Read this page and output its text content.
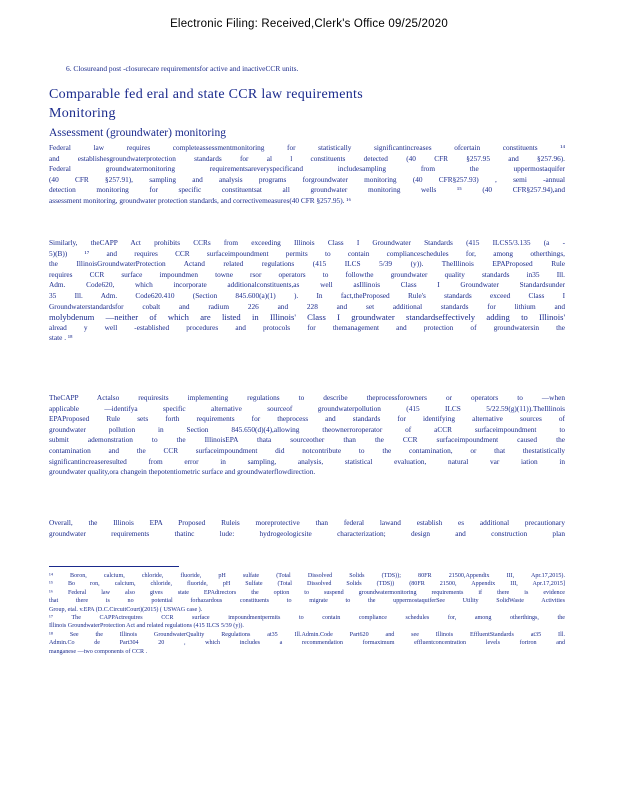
Electronic Filing: Received,Clerk's Office 09/25/2020
6. Closureand post -closurecare requirementsfor active and inactiveCCR units.
Comparable fed eral and state CCR law requirements
Monitoring
Assessment (groundwater) monitoring

Federal law requires completeassessmentmonitoring for statistically significantincreases ofcertain constituents ¹⁴

and establishesgroundwaterprotection standards for al l constituents detected (40 CFR §257.95 and §257.96).

Federal groundwatermonitoring requirementsareveryspecificand includesampling from the uppermostaquifer

(40 CFR §257.91), sampling and analysis programs forgroundwater monitoring (40 CFR§257.93) , semi -annual

detection monitoring for specific constituentsat all groundwater monitoring wells ¹⁵ (40 CFR§257.94),and

assessment monitoring, groundwater protection standards, and correctivemeasures(40 CFR §257.95). ¹⁶

Similarly, theCAPP Act prohibits CCRs from exceeding Illinois Class I Groundwater Standards (415 ILCS5/3.135 (a -

5)(B)) ¹⁷ and requires CCR surfaceimpoundment permits to contain complianceschedules for, among otherthings,

the IllinoisGroundwaterProtection Actand related regulations (415 ILCS 5/39 (y)). TheIllinois EPAProposed Rule

requires CCR surface impoundmen towne rsor operators to followthe groundwater quality standards in35 Ill.

Adm. Code620, which incorporate additionalconstituents,as well asIllinois Class I Groundwater Standardsunder

35 Ill. Adm. Code620.410 (Section 845.600(a)(1) ). In fact,theProposed Rule's standards exceed Class I

Groundwaterstandardsfor cobalt and radium 226 and 228 and set additional standards for lithium and

molybdenum —neither of which are listed in Illinois' Class I groundwater standardseffectively adding to Illinois'

alread y well -established procedures and protocols for themanagement and protection of groundwatersin the

state . ¹⁸

TheCAPP Actalso requiresits implementing regulations to describe theprocessforowners or operators to —when

applicable —identifya specific alternative sourceof groundwaterpollution (415 ILCS 5/22.59(g)(11)).TheIllinois

EPAProposed Rule sets forth requirements for theprocess and standards for identifying alternative sources of

groundwater pollution in Section 845.650(d)(4),allowing theownerroroperator of aCCR surfaceimpoundment to

submit ademonstration to the IllinoisEPA thata sourceother than the CCR surfaceimpoundment caused the

contamination and the CCR surfaceimpoundment did notcontribute to the contamination, or that thestatistically

significantincreaseresulted from error in sampling, analysis, statistical evaluation, natural var iation in

groundwater quality,ora changein thepotentiometric surface and groundwaterflowdirection.

Overall, the Illinois EPA Proposed Ruleis moreprotective than federal lawand establish es additional precautionary

groundwater requirements thatinc lude: hydrogeologicsite characterization; design and construction plan

¹⁴ Boron, calcium, chloride, fluoride, pH sulfate (Total Dissolved Solids (TDS)); 80FR 21500,Appendix III, Apr.17,2015).

¹⁵ Bo ron, calcium, chloride, fluoride, pH Sulfate (Total Dissolved Solids (TDS)) (80FR 21500, Appendix III, Apr.17,2015]

¹⁶ Federal law also gives state EPAdirectors the option to suspend groundwatermonitoring requirements if there is evidence

that there is no potential forhazardous constituents to migrate to the uppermostaquiferSee Utility SolidWaste Activities

Group, etal. v.EPA (D.C.CircuitCourt)(2015) ( USWAG case ).

¹⁷ The CAPPActrequires CCR surface impoundmentpermits to contain compliance schedules for, among otherthings, the

Illinois GroundwaterProtection Act and related regulations (415 ILCS 5/39 (y)).

¹⁸ See the Illinois GroundwaterQuality Regulations at35 Ill.Admin.Code Part620 and see Illinois EffluentStandards at35 Ill.

Admin.Co de Part304 20 , which includes a recommendation formaximum effluentconcentration levels foriron and

manganese —two components of CCR .
